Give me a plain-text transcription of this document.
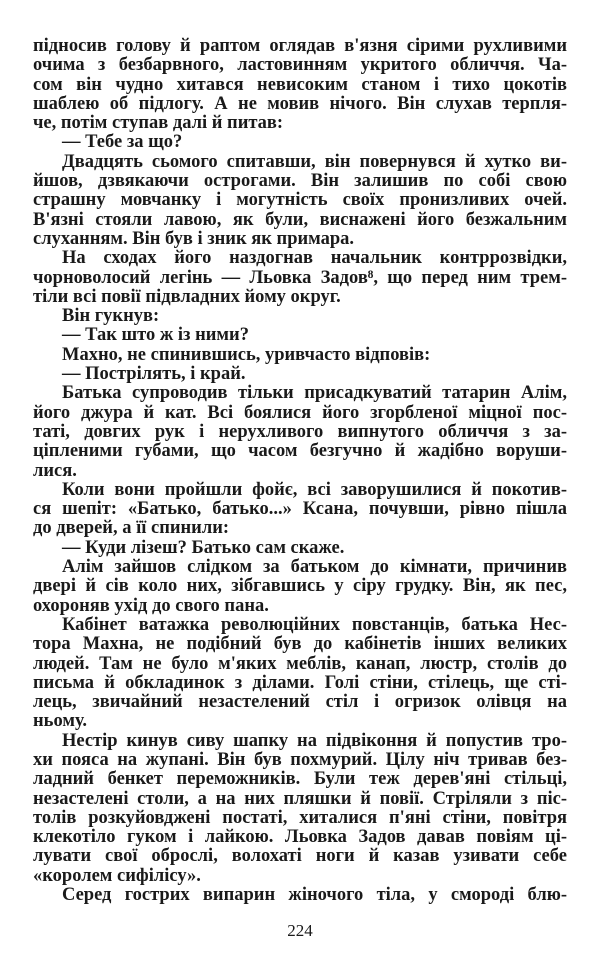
підносив голову й раптом оглядав в'язня сірими рухливими
очима з безбарвного, ластовинням укритого обличчя. Ча-
сом він чудно хитався невисоким станом і тихо цокотів
шаблею об підлогу. А не мовив нічого. Він слухав терпля-
че, потім ступав далі й питав:
— Тебе за що?
Двадцять сьомого спитавши, він повернувся й хутко ви-
йшов, дзвякаючи острогами. Він залишив по собі свою
страшну мовчанку і могутність своїх пронизливих очей.
В'язні стояли лавою, як були, виснажені його безжальним
слуханням. Він був і зник як примара.
На сходах його наздогнав начальник контррозвідки,
чорноволосий легінь — Льовка Задов⁸, що перед ним трем-
тіли всі повії підвладних йому округ.
Він гукнув:
— Так што ж із ними?
Махно, не спинившись, уривчасто відповів:
— Пострілять, і край.
Батька супроводив тільки присадкуватий татарин Алім,
його джура й кат. Всі боялися його згорбленої міцної пос-
таті, довгих рук і нерухливого випнутого обличчя з за-
ціпленими губами, що часом безгучно й жадібно воруши-
лися.
Коли вони пройшли фойє, всі заворушилися й покотив-
ся шепіт: «Батько, батько...» Ксана, почувши, рівно пішла
до дверей, а її спинили:
— Куди лізеш? Батько сам скаже.
Алім зайшов слідком за батьком до кімнати, причинив
двері й сів коло них, зібгавшись у сіру грудку. Він, як пес,
охороняв ухід до свого пана.
Кабінет ватажка революційних повстанців, батька Нес-
тора Махна, не подібний був до кабінетів інших великих
людей. Там не було м'яких меблів, канап, люстр, столів до
письма й обкладинок з ділами. Голі стіни, стілець, ще сті-
лець, звичайний незастелений стіл і огризок олівця на
ньому.
Нестір кинув сиву шапку на підвіконня й попустив тро-
хи пояса на жупані. Він був похмурий. Цілу ніч тривав без-
ладний бенкет переможників. Були теж дерев'яні стільці,
незастелені столи, а на них пляшки й повії. Стріляли з піс-
толів розкуйовджені постаті, хиталися п'яні стіни, повітря
клекотіло гуком і лайкою. Льовка Задов давав повіям ці-
лувати свої оброслі, волохаті ноги й казав узивати себе
«королем сифілісу».
Серед гострих випарин жіночого тіла, у смороді блю-
224
